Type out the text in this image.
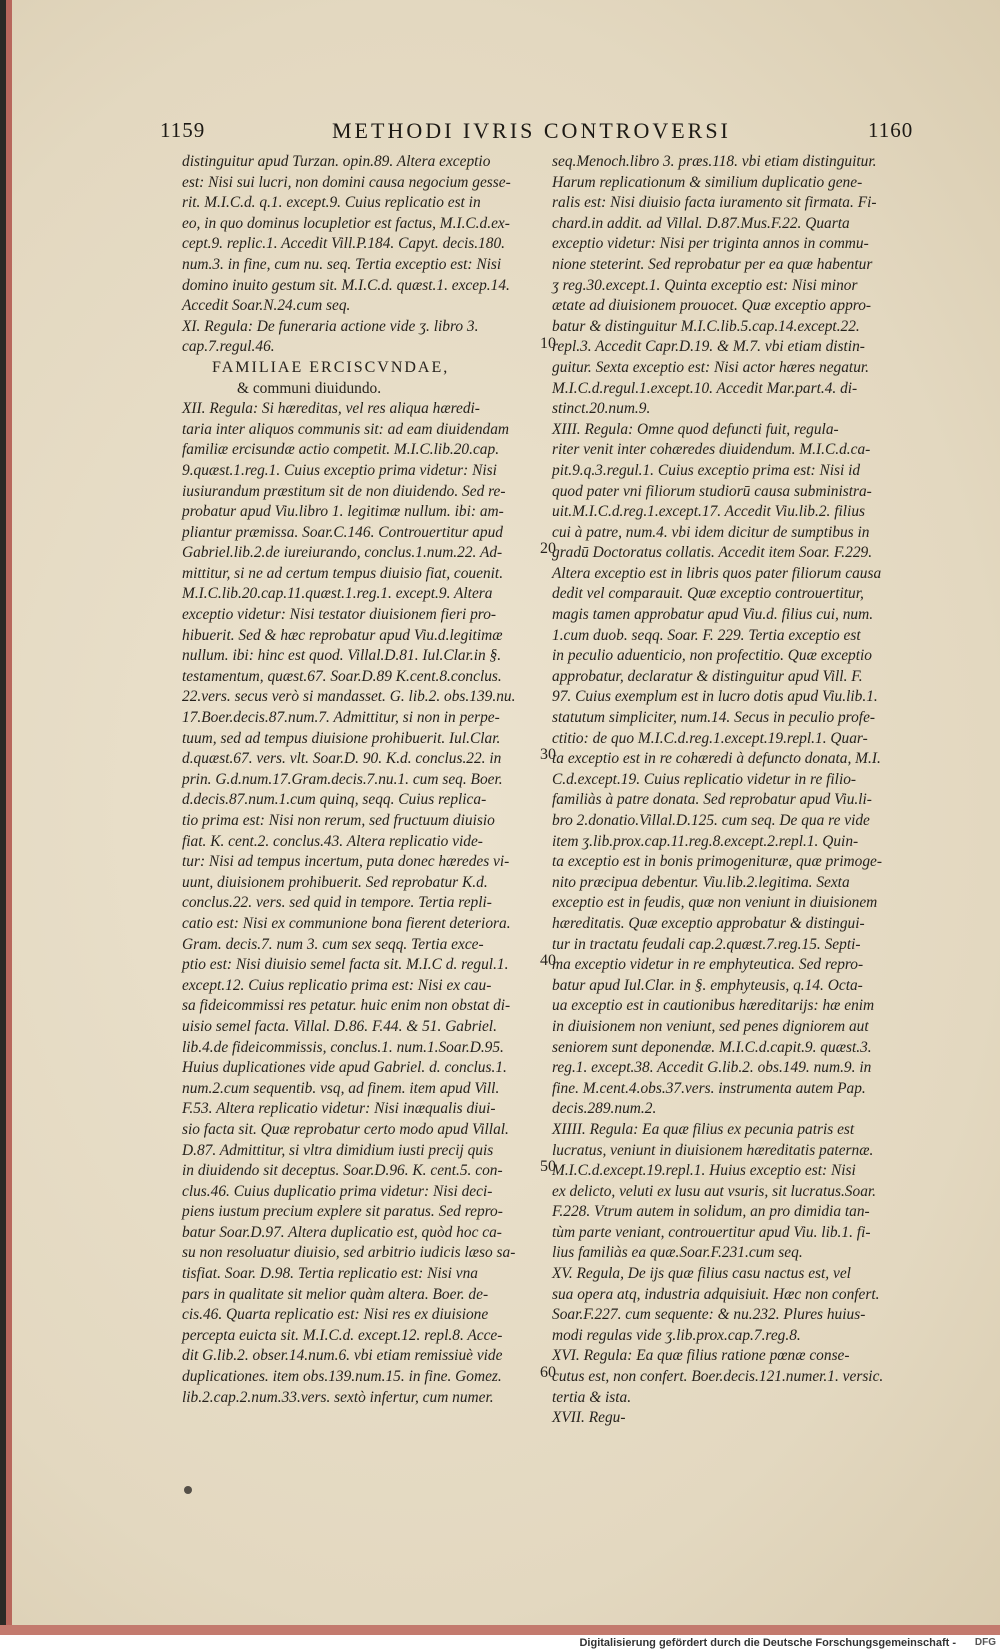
1159	METHODI IVRIS CONTROVERSI	1160
distinguitur apud Turzan. opin.89. Altera exceptio
est: Nisi sui lucri, non domini causa negocium gesse-
rit. M.I.C.d. q.1. except.9. Cuius replicatio est in
eo, in quo dominus locupletior est factus, M.I.C.d.ex-
cept.9. replic.1. Accedit Vill.P.184. Capyt. decis.180.
num.3. in fine, cum nu. seq. Tertia exceptio est: Nisi
domino inuito gestum sit. M.I.C.d. quæst.1. excep.14.
Accedit Soar.N.24.cum seq.
XI. Regula: De funeraria actione vide ʒ. libro 3.
cap.7.regul.46.
FAMILIAE ERCISCVNDAE,
& communi diuidundo.
XII. Regula: Si hæreditas, vel res aliqua hæredi-
taria inter aliquos communis sit: ad eam diuidendam
familiæ ercisundæ actio competit. M.I.C.lib.20.cap.
9.quæst.1.reg.1. Cuius exceptio prima videtur: Nisi
iusiurandum præstitum sit de non diuidendo. Sed re-
probatur apud Viu.libro 1. legitimæ nullum. ibi: am-
pliantur præmissa. Soar.C.146. Controuertitur apud
Gabriel.lib.2.de iureiurando, conclus.1.num.22. Ad-
mittitur, si ne ad certum tempus diuisio fiat, couenit.
M.I.C.lib.20.cap.11.quæst.1.reg.1. except.9. Altera
exceptio videtur: Nisi testator diuisionem fieri pro-
hibuerit. Sed & hæc reprobatur apud Viu.d.legitimæ
nullum. ibi: hinc est quod. Villal.D.81. Iul.Clar.in §.
testamentum, quæst.67. Soar.D.89 K.cent.8.conclus.
22.vers. secus verò si mandasset. G. lib.2. obs.139.nu.
17.Boer.decis.87.num.7. Admittitur, si non in perpe-
tuum, sed ad tempus diuisione prohibuerit. Iul.Clar.
d.quæst.67. vers. vlt. Soar.D. 90. K.d. conclus.22. in
prin. G.d.num.17.Gram.decis.7.nu.1. cum seq. Boer.
d.decis.87.num.1.cum quinq, seqq. Cuius replica-
tio prima est: Nisi non rerum, sed fructuum diuisio
fiat. K. cent.2. conclus.43. Altera replicatio vide-
tur: Nisi ad tempus incertum, puta donec hæredes vi-
uunt, diuisionem prohibuerit. Sed reprobatur K.d.
conclus.22. vers. sed quid in tempore. Tertia repli-
catio est: Nisi ex communione bona fierent deteriora.
Gram. decis.7. num 3. cum sex seqq. Tertia exce-
ptio est: Nisi diuisio semel facta sit. M.I.C d. regul.1.
except.12. Cuius replicatio prima est: Nisi ex cau-
sa fideicommissi res petatur. huic enim non obstat di-
uisio semel facta. Villal. D.86. F.44. & 51. Gabriel.
lib.4.de fideicommissis, conclus.1. num.1.Soar.D.95.
Huius duplicationes vide apud Gabriel. d. conclus.1.
num.2.cum sequentib. vsq, ad finem. item apud Vill.
F.53. Altera replicatio videtur: Nisi inæqualis diui-
sio facta sit. Quæ reprobatur certo modo apud Villal.
D.87. Admittitur, si vltra dimidium iusti precij quis
in diuidendo sit deceptus. Soar.D.96. K. cent.5. con-
clus.46. Cuius duplicatio prima videtur: Nisi deci-
piens iustum precium explere sit paratus. Sed repro-
batur Soar.D.97. Altera duplicatio est, quòd hoc ca-
su non resoluatur diuisio, sed arbitrio iudicis læso sa-
tisfiat. Soar. D.98. Tertia replicatio est: Nisi vna
pars in qualitate sit melior quàm altera. Boer. de-
cis.46. Quarta replicatio est: Nisi res ex diuisione
percepta euicta sit. M.I.C.d. except.12. repl.8. Acce-
dit G.lib.2. obser.14.num.6. vbi etiam remissiuè vide
duplicationes. item obs.139.num.15. in fine. Gomez.
lib.2.cap.2.num.33.vers. sextò infertur, cum numer.
seq.Menoch.libro 3. præs.118. vbi etiam distinguitur.
Harum replicationum & similium duplicatio gene-
ralis est: Nisi diuisio facta iuramento sit firmata. Fi-
chard.in addit. ad Villal. D.87.Mus.F.22. Quarta
exceptio videtur: Nisi per triginta annos in commu-
nione steterint. Sed reprobatur per ea quæ habentur
ʒ reg.30.except.1. Quinta exceptio est: Nisi minor
ætate ad diuisionem prouocet. Quæ exceptio appro-
batur & distinguitur M.I.C.lib.5.cap.14.except.22.
repl.3. Accedit Capr.D.19. & M.7. vbi etiam distin-
guitur. Sexta exceptio est: Nisi actor hæres negatur.
M.I.C.d.regul.1.except.10. Accedit Mar.part.4. di-
stinct.20.num.9.
XIII. Regula: Omne quod defuncti fuit, regula-
riter venit inter cohæredes diuidendum. M.I.C.d.ca-
pit.9.q.3.regul.1. Cuius exceptio prima est: Nisi id
quod pater vni filiorum studiorū causa subministra-
uit.M.I.C.d.reg.1.except.17. Accedit Viu.lib.2. filius
cui à patre, num.4. vbi idem dicitur de sumptibus in
gradū Doctoratus collatis. Accedit item Soar. F.229.
Altera exceptio est in libris quos pater filiorum causa
dedit vel comparauit. Quæ exceptio controuertitur,
magis tamen approbatur apud Viu.d. filius cui, num.
1.cum duob. seqq. Soar. F. 229. Tertia exceptio est
in peculio aduenticio, non profectitio. Quæ exceptio
approbatur, declaratur & distinguitur apud Vill. F.
97. Cuius exemplum est in lucro dotis apud Viu.lib.1.
statutum simpliciter, num.14. Secus in peculio profe-
ctitio: de quo M.I.C.d.reg.1.except.19.repl.1. Quar-
ta exceptio est in re cohæredi à defuncto donata, M.I.
C.d.except.19. Cuius replicatio videtur in re filio-
familiàs à patre donata. Sed reprobatur apud Viu.li-
bro 2.donatio.Villal.D.125. cum seq. De qua re vide
item ʒ.lib.prox.cap.11.reg.8.except.2.repl.1. Quin-
ta exceptio est in bonis primogenituræ, quæ primoge-
nito præcipua debentur. Viu.lib.2.legitima. Sexta
exceptio est in feudis, quæ non veniunt in diuisionem
hæreditatis. Quæ exceptio approbatur & distingui-
tur in tractatu feudali cap.2.quæst.7.reg.15. Septi-
ma exceptio videtur in re emphyteutica. Sed repro-
batur apud Iul.Clar. in §. emphyteusis, q.14. Octa-
ua exceptio est in cautionibus hæreditarijs: hæ enim
in diuisionem non veniunt, sed penes digniorem aut
seniorem sunt deponendæ. M.I.C.d.capit.9. quæst.3.
reg.1. except.38. Accedit G.lib.2. obs.149. num.9. in
fine. M.cent.4.obs.37.vers. instrumenta autem Pap.
decis.289.num.2.
XIIII. Regula: Ea quæ filius ex pecunia patris est
lucratus, veniunt in diuisionem hæreditatis paternæ.
M.I.C.d.except.19.repl.1. Huius exceptio est: Nisi
ex delicto, veluti ex lusu aut vsuris, sit lucratus.Soar.
F.228. Vtrum autem in solidum, an pro dimidia tan-
tùm parte veniant, controuertitur apud Viu. lib.1. fi-
lius familiàs ea quæ.Soar.F.231.cum seq.
XV. Regula, De ijs quæ filius casu nactus est, vel
sua opera atq, industria adquisiuit. Hæc non confert.
Soar.F.227. cum sequente: & nu.232. Plures huius-
modi regulas vide ʒ.lib.prox.cap.7.reg.8.
XVI. Regula: Ea quæ filius ratione pœnæ conse-
cutus est, non confert. Boer.decis.121.numer.1. versic.
tertia & ista.
XVII. Regu-
10
20
30
40
50
60
Digitalisierung gefördert durch die Deutsche Forschungsgemeinschaft - DFG
